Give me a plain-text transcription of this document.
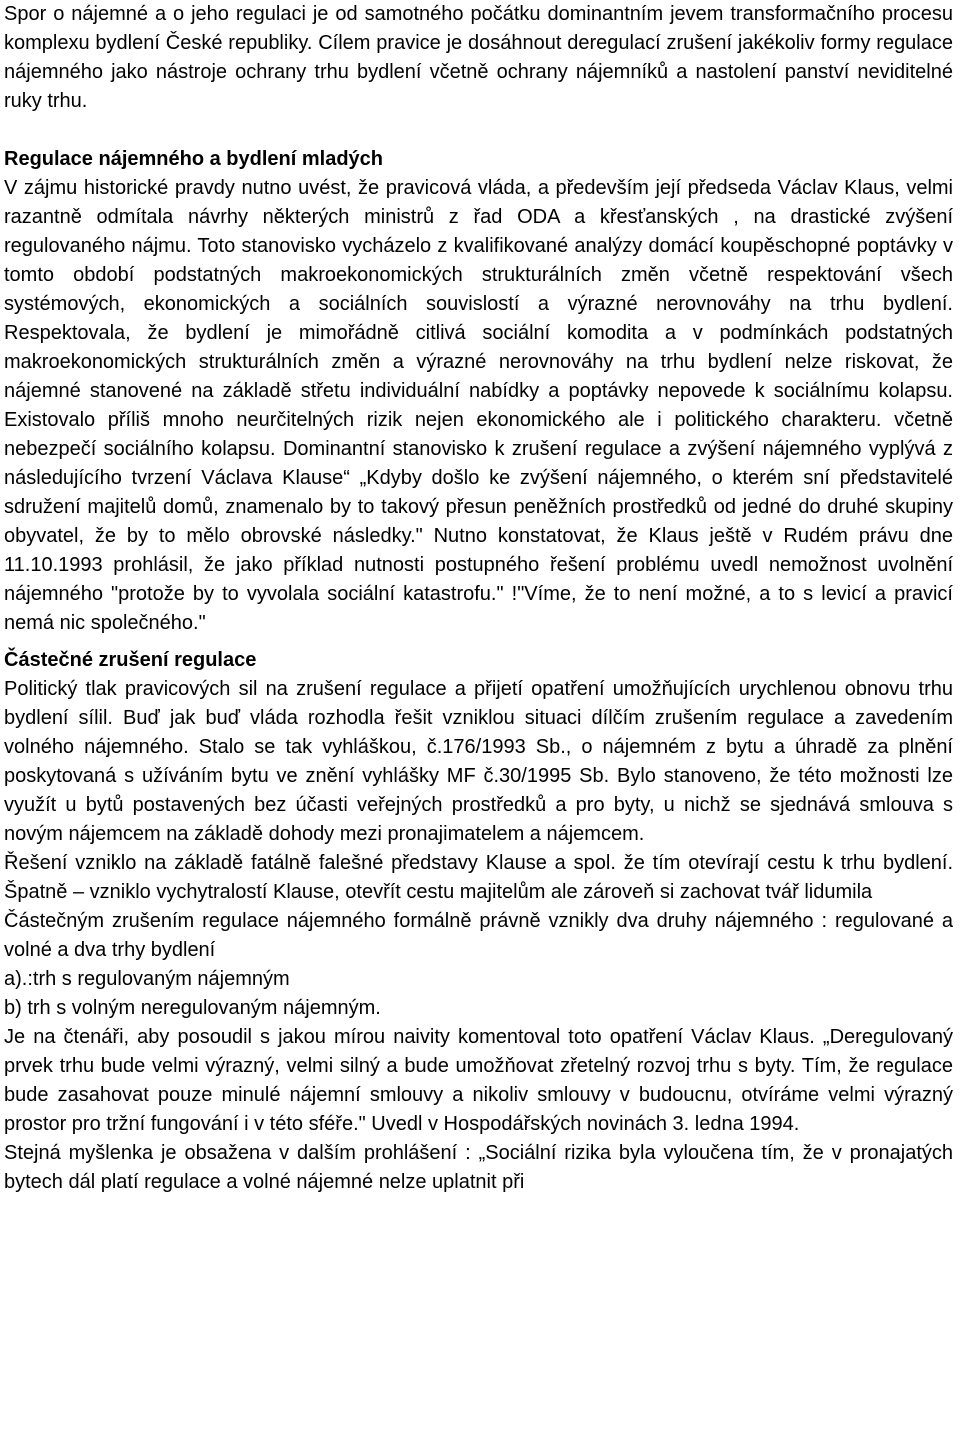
Spor o nájemné a o jeho regulaci je od samotného počátku dominantním jevem transformačního procesu komplexu bydlení České republiky. Cílem pravice je dosáhnout deregulací zrušení jakékoliv formy regulace nájemného jako nástroje ochrany trhu bydlení včetně ochrany nájemníků a nastolení panství neviditelné ruky trhu.

Regulace nájemného a bydlení mladých

V zájmu historické pravdy nutno uvést, že pravicová vláda, a především její předseda Václav Klaus, velmi razantně odmítala návrhy některých ministrů z řad ODA a křesťanských , na drastické zvýšení regulovaného nájmu. Toto stanovisko vycházelo z kvalifikované analýzy domácí koupěschopné poptávky v tomto období podstatných makroekonomických strukturálních změn včetně respektování všech systémových, ekonomických a sociálních souvislostí a výrazné nerovnováhy na trhu bydlení. Respektovala, že bydlení je mimořádně citlivá sociální komodita a v podmínkách podstatných makroekonomických strukturálních změn a výrazné nerovnováhy na trhu bydlení nelze riskovat, že nájemné stanovené na základě střetu individuální nabídky a poptávky nepovede k sociálnímu kolapsu. Existovalo příliš mnoho neurčitelných rizik nejen ekonomického ale i politického charakteru. včetně nebezpečí sociálního kolapsu. Dominantní stanovisko k zrušení regulace a zvýšení nájemného vyplývá z následujícího tvrzení Václava Klause“ „Kdyby došlo ke zvýšení nájemného, o kterém sní představitelé sdružení majitelů domů, znamenalo by to takový přesun peněžních prostředků od jedné do druhé skupiny obyvatel, že by to mělo obrovské následky." Nutno konstatovat, že Klaus ještě v Rudém právu dne 11.10.1993 prohlásil, že jako příklad nutnosti postupného řešení problému uvedl nemožnost uvolnění nájemného "protože by to vyvolala sociální katastrofu." !"Víme, že to není možné, a to s levicí a pravicí nemá nic společného."

Částečné zrušení regulace

Politický tlak pravicových sil na zrušení regulace a přijetí opatření umožňujících urychlenou obnovu trhu bydlení sílil. Buď jak buď vláda rozhodla řešit vzniklou situaci dílčím zrušením regulace a zavedením volného nájemného. Stalo se tak vyhláškou, č.176/1993 Sb., o nájemném z bytu a úhradě za plnění poskytovaná s užíváním bytu ve znění vyhlášky MF č.30/1995 Sb. Bylo stanoveno, že této možnosti lze využít u bytů postavených bez účasti veřejných prostředků a pro byty, u nichž se sjednává smlouva s novým nájemcem na základě dohody mezi pronajimatelem a nájemcem.

Řešení vzniklo na základě fatálně falešné představy Klause a spol. že tím otevírají cestu k trhu bydlení. Špatně – vzniklo vychytralostí Klause, otevřít cestu majitelům ale zároveň si zachovat tvář lidumila

Částečným zrušením regulace nájemného formálně právně vznikly dva druhy nájemného : regulované a volné a dva trhy bydlení

a).:trh s regulovaným nájemným

b) trh s volným neregulovaným nájemným.

Je na čtenáři, aby posoudil s jakou mírou naivity komentoval toto opatření Václav Klaus. „Deregulovaný prvek trhu bude velmi výrazný, velmi silný a bude umožňovat zřetelný rozvoj trhu s byty. Tím, že regulace bude zasahovat pouze minulé nájemní smlouvy a nikoliv smlouvy v budoucnu, otvíráme velmi výrazný prostor pro tržní fungování i v této sféře." Uvedl v Hospodářských novinách 3. ledna 1994.

Stejná myšlenka je obsažena v dalším prohlášení : „Sociální rizika byla vyloučena tím, že v pronajatých bytech dál platí regulace a volné nájemné nelze uplatnit při
